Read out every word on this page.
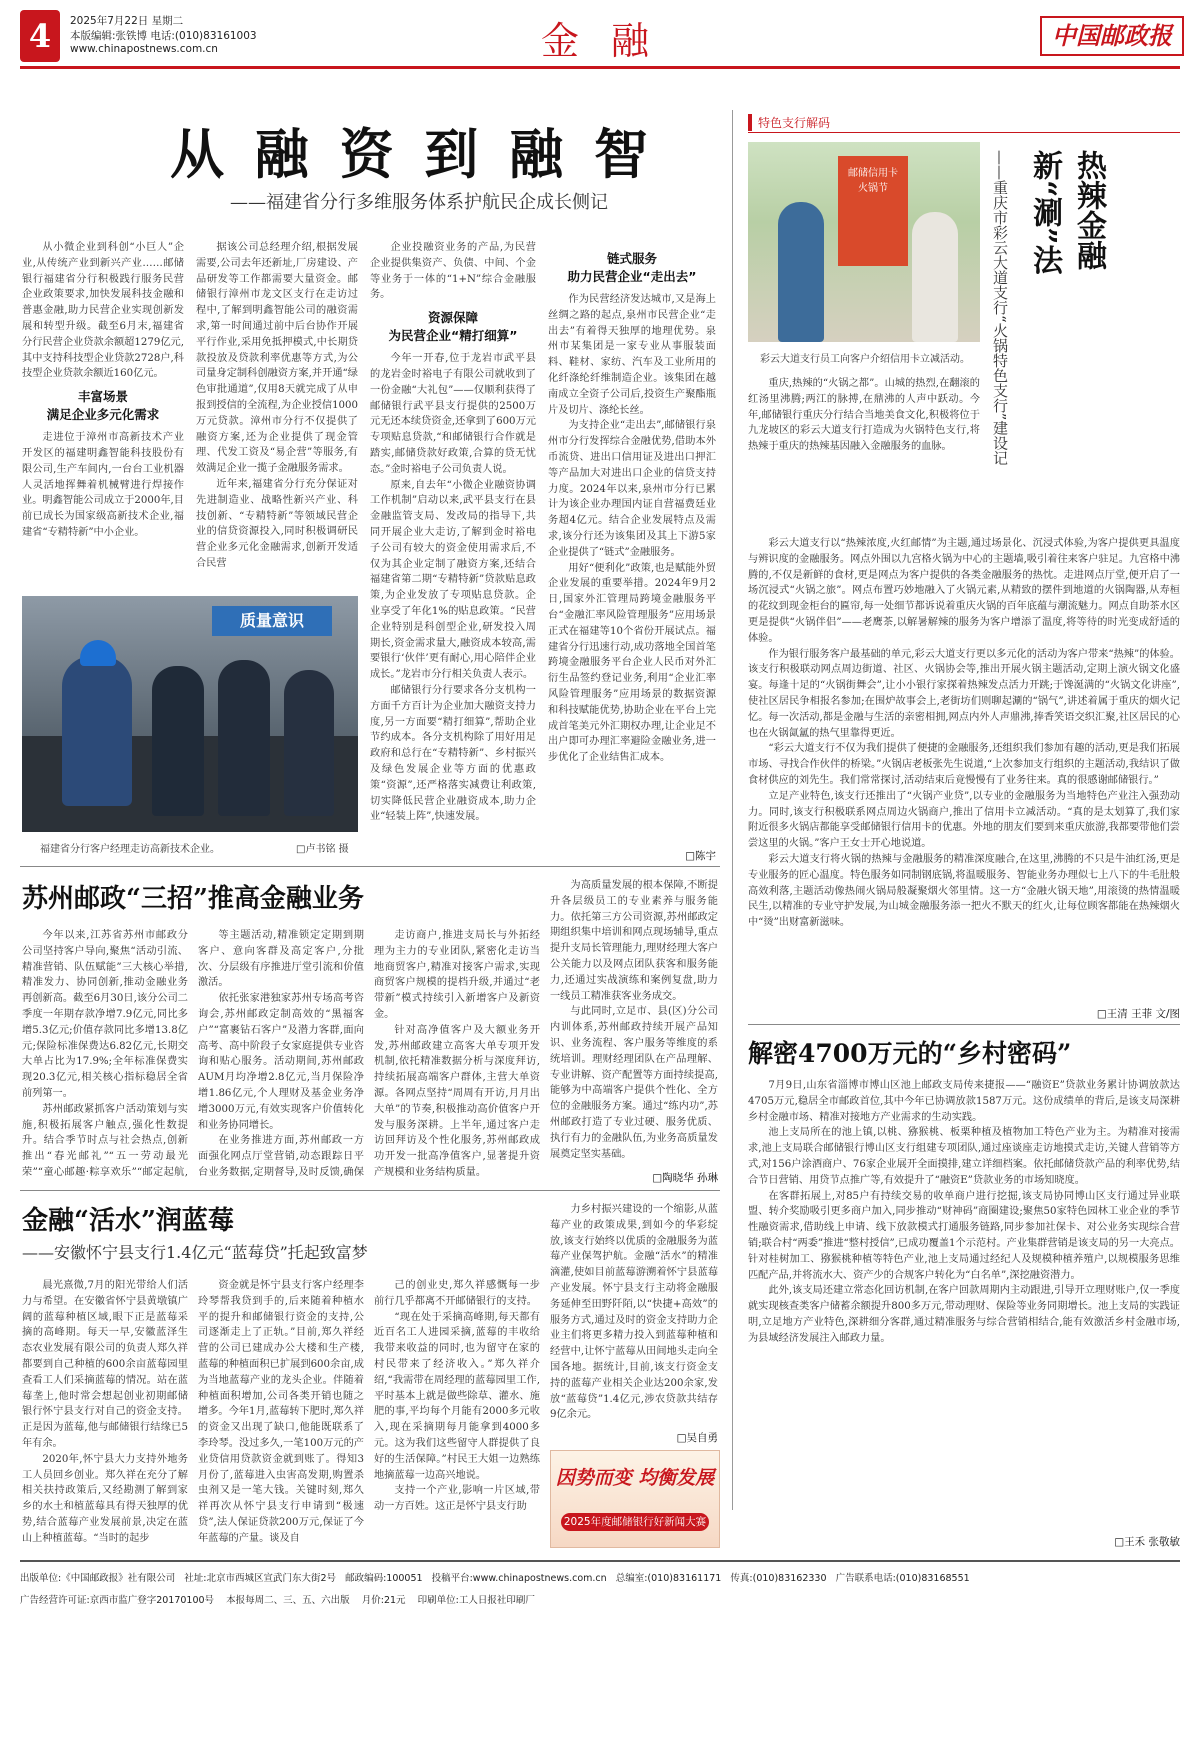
4	2025年7月22日 星期二
本版编辑:张铁博 电话:(010)83161003
www.chinapostnews.com.cn	金 融	中国邮政报
从 融 资 到 融 智
——福建省分行多维服务体系护航民企成长侧记

从小微企业到科创“小巨人”企业,从传统产业到新兴产业……邮储银行福建省分行积极践行服务民营企业政策要求,加快发展科技金融和普惠金融,助力民营企业实现创新发展和转型升级。截至6月末,福建省分行民营企业贷款余额超1279亿元,其中支持科技型企业贷款2728户,科技型企业贷款余额近160亿元。

丰富场景
满足企业多元化需求

走进位于漳州市高新技术产业开发区的福建明鑫智能科技股份有限公司,生产车间内,一台台工业机器人灵活地挥舞着机械臂进行焊接作业。明鑫智能公司成立于2000年,目前已成长为国家级高新技术企业,福建省“专精特新”中小企业。

据该公司总经理介绍,根据发展需要,公司去年还新址,厂房建设、产品研发等工作都需要大量资金。邮储银行漳州市龙文区支行在走访过程中,了解到明鑫智能公司的融资需求,第一时间通过前中后台协作开展平行作业,采用免抵押模式,中长期贷款投放及贷款利率优惠等方式,为公司量身定制科创融资方案,并开通“绿色审批通道”,仅用8天就完成了从申报到授信的全流程,为企业授信1000万元贷款。漳州市分行不仅提供了融资方案,还为企业提供了现金管理、代发工资及“易企营”等服务,有效满足企业一揽子金融服务需求。

近年来,福建省分行充分保证对先进制造业、战略性新兴产业、科技创新、“专精特新”等领域民营企业的信贷资源投入,同时积极调研民营企业多元化金融需求,创新开发适合民营

企业投融资业务的产品,为民营企业提供集资产、负债、中间、个金等业务于一体的“1+N”综合金融服务。

资源保障
为民营企业“精打细算”

今年一开春,位于龙岩市武平县的龙岩金时裕电子有限公司就收到了一份金融“大礼包”——仅顺利获得了邮储银行武平县支行提供的2500万元无还本续贷资金,还拿到了600万元专项贴息贷款,“和邮储银行合作就是踏实,邮储贷款好政策,合算的贷无忧态。”金时裕电子公司负责人说。

原来,自去年“小微企业融资协调工作机制”启动以来,武平县支行在县金融监管支局、发改局的指导下,共同开展企业大走访,了解到金时裕电子公司有较大的资金使用需求后,不仅为其企业定制了融资方案,还结合福建省第二期“专精特新”贷款贴息政策,为企业发放了专项贴息贷款。企业享受了年化1%的贴息政策。“民营企业特别是科创型企业,研发投入周期长,资金需求量大,融资成本较高,需要银行‘伙伴’更有耐心,用心陪伴企业成长。”龙岩市分行相关负责人表示。

邮储银行分行要求各分支机构一方面千方百计为企业加大融资支持力度,另一方面要“精打细算”,帮助企业节约成本。各分支机构除了用好用足政府和总行在“专精特新”、乡村振兴及绿色发展企业等方面的优惠政策“资源”,还严格落实减费让利政策,切实降低民营企业融资成本,助力企业“轻装上阵”,快速发展。

链式服务
助力民营企业“走出去”

作为民营经济发达城市,又是海上丝绸之路的起点,泉州市民营企业“走出去”有着得天独厚的地理优势。泉州市某集团是一家专业从事服装面料、鞋材、家纺、汽车及工业所用的化纤涤纶纤维制造企业。该集团在越南成立全资子公司后,投资生产聚酯瓶片及切片、涤纶长丝。

为支持企业“走出去”,邮储银行泉州市分行发挥综合金融优势,借助本外币流贷、进出口信用证及进出口押汇等产品加大对进出口企业的信贷支持力度。2024年以来,泉州市分行已累计为该企业办理国内证自营福费廷业务超4亿元。结合企业发展特点及需求,该分行还为该集团及其上下游5家企业提供了“链式”金融服务。

用好“便利化”政策,也是赋能外贸企业发展的重要举措。2024年9月2日,国家外汇管理局跨境金融服务平台“金融汇率风险管理服务”应用场景正式在福建等10个省份开展试点。福建省分行迅速行动,成功落地全国首笔跨境金融服务平台企业人民币对外汇衍生品签约登记业务,利用“企业汇率风险管理服务”应用场景的数据资源和科技赋能优势,协助企业在平台上完成首笔美元外汇期权办理,让企业足不出户即可办理汇率避险金融业务,进一步优化了企业结售汇成本。

□陈宇
质量意识
福建省分行客户经理走访高新技术企业。	□卢书铭 摄
特色支行解码
邮储信用卡
火锅节
彩云大道支行员工向客户介绍信用卡立减活动。
热辣金融新“涮”法
——重庆市彩云大道支行“火锅特色支行”建设记

重庆,热辣的“火锅之都”。山城的热烈,在翻滚的红汤里沸腾;两江的脉搏,在鼎沸的人声中跃动。今年,邮储银行重庆分行结合当地美食文化,积极将位于九龙坡区的彩云大道支行打造成为火锅特色支行,将热辣于重庆的热辣基因融入金融服务的血脉。

彩云大道支行以“热辣浓度,火红邮情”为主题,通过场景化、沉浸式体验,为客户提供更具温度与辨识度的金融服务。网点外围以九宫格火锅为中心的主题墙,吸引着往来客户驻足。九宫格中沸腾的,不仅是新鲜的食材,更是网点为客户提供的各类金融服务的热忱。走进网点厅堂,便开启了一场沉浸式“火锅之旅”。网点布置巧妙地融入了火锅元素,从精致的摆件到地道的火锅陶器,从寿桓的花纹到现金柜台的匾帘,每一处细节都诉说着重庆火锅的百年底蕴与潮流魅力。网点自助茶水区更是提供“火锅伴侣”——老鹰茶,以解暑解辣的服务为客户增添了温度,将等待的时光变成舒适的体验。

作为银行服务客户最基础的单元,彩云大道支行更以多元化的活动为客户带来“热辣”的体验。该支行积极联动网点周边街道、社区、火锅协会等,推出开展火锅主题活动,定期上演火锅文化盛宴。每逢十足的“火锅街舞会”,让小小银行家探着热辣发点活力开跳;于馋涎满的“火锅文化讲座”,使社区居民争相报名参加;在围炉故事会上,老街坊们则聊起涮的“锅气”,讲述着属于重庆的烟火记忆。每一次活动,都是金融与生活的亲密相拥,网点内外人声鼎沸,捧香笑语交织汇聚,社区居民的心也在火锅氤氲的热气里靠得更近。

“彩云大道支行不仅为我们提供了便捷的金融服务,还组织我们参加有趣的活动,更是我们拓展市场、寻找合作伙伴的桥梁。”火锅店老板张先生说道,“上次参加支行组织的主题活动,我结识了做食材供应的刘先生。我们常常探讨,活动结束后竟慢慢有了业务往来。真的很感谢邮储银行。”

立足产业特色,该支行还推出了“火锅产业贷”,以专业的金融服务为当地特色产业注入强劲动力。同时,该支行积极联系网点周边火锅商户,推出了信用卡立减活动。“真的是太划算了,我们家附近很多火锅店都能享受邮储银行信用卡的优惠。外地的朋友们要到来重庆旅游,我都要带他们尝尝这里的火锅。”客户王女士开心地说道。

彩云大道支行将火锅的热辣与金融服务的精准深度融合,在这里,沸腾的不只是牛油红汤,更是专业服务的匠心温度。特色服务如同制钢底锅,将温暖服务、智能业务办理似七上八下的牛毛肚般高效利落,主题活动像热闹火锅局般凝聚烟火邻里情。这一方“金融火锅天地”,用滚烫的热情温暖民生,以精准的专业守护发展,为山城金融服务添一把火不默天的红火,让每位顾客都能在热辣烟火中“烫”出财富新滋味。

□王清 王菲 文/图
苏州邮政“三招”推高金融业务

今年以来,江苏省苏州市邮政分公司坚持客户导向,聚焦“活动引流、精准营销、队伍赋能”三大核心举措,精准发力、协同创新,推动金融业务再创新高。截至6月30日,该分公司二季度一年期存款净增7.9亿元,同比多增5.3亿元;价值存款同比多增13.8亿元;保险标准保费达6.82亿元,长期交大单占比为17.9%;全年标准保费实现20.3亿元,相关核心指标稳居全省前列第一。

苏州邮政紧抓客户活动策划与实施,积极拓展客户触点,强化性数提升。结合季节时点与社会热点,创新推出“春光邮礼”“五一劳动最光荣”“童心邮趣·粽享欢乐”“邮定起航,

等主题活动,精准锁定定期到期客户、意向客群及高定客户,分批次、分层级有序推进厅堂引流和价值激活。

依托张家港独家苏州专场高考咨询会,苏州邮政定制高效的“黑福客户”“富裹钻石客户”及潜力客群,面向高考、高中阶段子女家庭提供专业咨询和贴心服务。活动期间,苏州邮政AUM月均净增2.8亿元,当月保险净增1.86亿元,个人理财及基金业务净增3000万元,有效实现客户价值转化和业务协同增长。

在业务推进方面,苏州邮政一方面强化网点厅堂营销,动态跟踪日平台业务数据,定期督导,及时反馈,确保

走访商户,推进支局长与外拓经理为主力的专业团队,紧密化走访当地商贸客户,精准对接客户需求,实现商贸客户规模的提档升级,并通过“老带新”模式持续引入新增客户及新资金。

针对高净值客户及大额业务开发,苏州邮政建立高客大单专项开发机制,依托精准数据分析与深度拜访,持续拓展高端客户群体,主营大单资源。各网点坚持“周周有开访,月月出大单”的节奏,积极推动高价值客户开发与服务深耕。上半年,通过客户走访回拜访及个性化服务,苏州邮政成功开发一批高净值客户,显著提升资产规模和业务结构质量。

为高质量发展的根本保障,不断提升各层级员工的专业素养与服务能力。依托第三方公司资源,苏州邮政定期组织集中培训和网点现场辅导,重点提升支局长管理能力,理财经理大客户公关能力以及网点团队获客和服务能力,还通过实战演练和案例复盘,助力一线员工精准获客业务成交。

与此同时,立足市、县(区)分公司内训体系,苏州邮政持续开展产品知识、业务流程、客户服务等维度的系统培训。理财经理团队在产品理解、专业讲解、资产配置等方面持续提高,能够为中高端客户提供个性化、全方位的金融服务方案。通过“练内功”,苏州邮政打造了专业过硬、服务优质、执行有力的金融队伍,为业务高质量发展奠定坚实基础。

□陶晓华 孙琳
金融“活水”润蓝莓
——安徽怀宁县支行1.4亿元“蓝莓贷”托起致富梦

晨光熹微,7月的阳光带给人们活力与希望。在安徽省怀宁县黄墩镇广阔的蓝莓种植区域,眼下正是蓝莓采摘的高峰期。每天一早,安徽蓝泽生态农业发展有限公司的负责人郑久祥都要到自己种植的600余亩蓝莓园里查看工人们采摘蓝莓的情况。站在蓝莓垄上,他时常会想起创业初期邮储银行怀宁县支行对自己的资金支持。正是因为蓝莓,他与邮储银行结缘已5年有余。

2020年,怀宁县大力支持外地务工人员回乡创业。郑久祥在充分了解相关扶持政策后,又经勘测了解到家乡的水土和植蓝莓具有得天独厚的优势,结合蓝莓产业发展前景,决定在蓝山上种植蓝莓。“当时的起步

资金就是怀宁县支行客户经理李玲琴帮我贷到手的,后来随着种植水平的提升和邮储银行资金的支持,公司逐渐走上了正轨。”目前,郑久祥经营的公司已建成办公大楼和生产楼,蓝莓的种植面积已扩展到600余亩,成为当地蓝莓产业的龙头企业。伴随着种植面积增加,公司各类开销也随之增多。今年1月,蓝莓转下肥时,郑久祥的资金又出现了缺口,他能既联系了李玲琴。没过多久,一笔100万元的产业贷信用贷款资金就到账了。得知3月份了,蓝莓进入虫害高发期,购置杀虫剂又是一笔大钱。关键时刻,郑久祥再次从怀宁县支行申请到“极速贷”,法人保证贷款200万元,保证了今年蓝莓的产量。谈及自

己的创业史,郑久祥感慨每一步前行几乎都离不开邮储银行的支持。

“现在处于采摘高峰期,每天都有近百名工人进园采摘,蓝莓的丰收给我带来收益的同时,也为留守在家的村民带来了经济收入。”郑久祥介绍,“我需带在周经理的蓝莓园里工作,平时基本上就是做些除草、灌水、施肥的事,平均每个月能有2000多元收入,现在采摘期每月能拿到4000多元。这为我们这些留守人群提供了良好的生活保障。”村民王大姐一边熟练地摘蓝莓一边高兴地说。

支持一个产业,影响一片区域,带动一方百姓。这正是怀宁县支行助

力乡村振兴建设的一个缩影,从蓝莓产业的政策成果,到如今的华彩绽放,该支行始终以优质的金融服务为蓝莓产业保驾护航。金融“活水”的精准滴灌,使如目前蓝莓游溯着怀宁县蓝莓产业发展。怀宁县支行主动将金融服务延伸至田野阡陌,以“快捷+高效”的服务方式,通过及时的资金支持助力企业主们将更多精力投入到蓝莓种植和经营中,让怀宁蓝莓从田间地头走向全国各地。据统计,目前,该支行资金支持的蓝莓产业相关企业达200余家,发放“蓝莓贷”1.4亿元,涉农贷款共结存9亿余元。

□吴自勇
因势而变 均衡发展
2025年度邮储银行好新闻大赛
解密4700万元的“乡村密码”

7月9日,山东省淄博市博山区池上邮政支局传来捷报——“融资E”贷款业务累计协调放款达4705万元,稳居全市邮政首位,其中今年已协调放款1587万元。这份成绩单的背后,是该支局深耕乡村金融市场、精准对接地方产业需求的生动实践。

池上支局所在的池上镇,以桃、猕猴桃、板栗种植及植物加工特色产业为主。为精准对接需求,池上支局联合邮储银行博山区支行组建专项团队,通过座谈座走访地摸式走访,关键人营销等方式,对156户涂酒商户、76家企业展开全面摸排,建立详细档案。依托邮储贷款产品的利率优势,结合节日营销、用贷节点推广等,有效提升了“融资E”贷款业务的市场知晓度。

在客群拓展上,对85户有持续交易的收单商户进行挖掘,该支局协同博山区支行通过异业联盟、转介奖励吸引更多商户加入,同步推动“财神码”商圈建设;聚焦50家特色园林工业企业的季节性融资需求,借助线上申请、线下放款模式打通服务链路,同步参加社保卡、对公业务实现综合营销;联合村“两委”推进“整村授信”,已成功覆盖1个示范村。产业集群营销是该支局的另一大亮点。针对桂树加工、猕猴桃种植等特色产业,池上支局通过经纪人及规模种植养殖户,以规模服务思维匹配产品,并将流水大、资产少的合规客户转化为“白名单”,深挖融资潜力。

此外,该支局还建立常态化回访机制,在客户回款周期内主动跟进,引导开立理财账户,仅一季度就实现核查类客户储蓄余额提升800多万元,带动理财、保险等业务同期增长。池上支局的实践证明,立足地方产业特色,深耕细分客群,通过精准服务与综合营销相结合,能有效激活乡村金融市场,为县域经济发展注入邮政力量。

□王禾 张敬敏
出版单位:《中国邮政报》社有限公司 社址:北京市西城区宣武门东大街2号 邮政编码:100051 投稿平台:www.chinapostnews.com.cn 总编室:(010)83161171 传真:(010)83162330 广告联系电话:(010)83168551
广告经营许可证:京西市监广登字20170100号 本报每周二、三、五、六出版 月价:21元 印刷单位:工人日报社印刷厂
